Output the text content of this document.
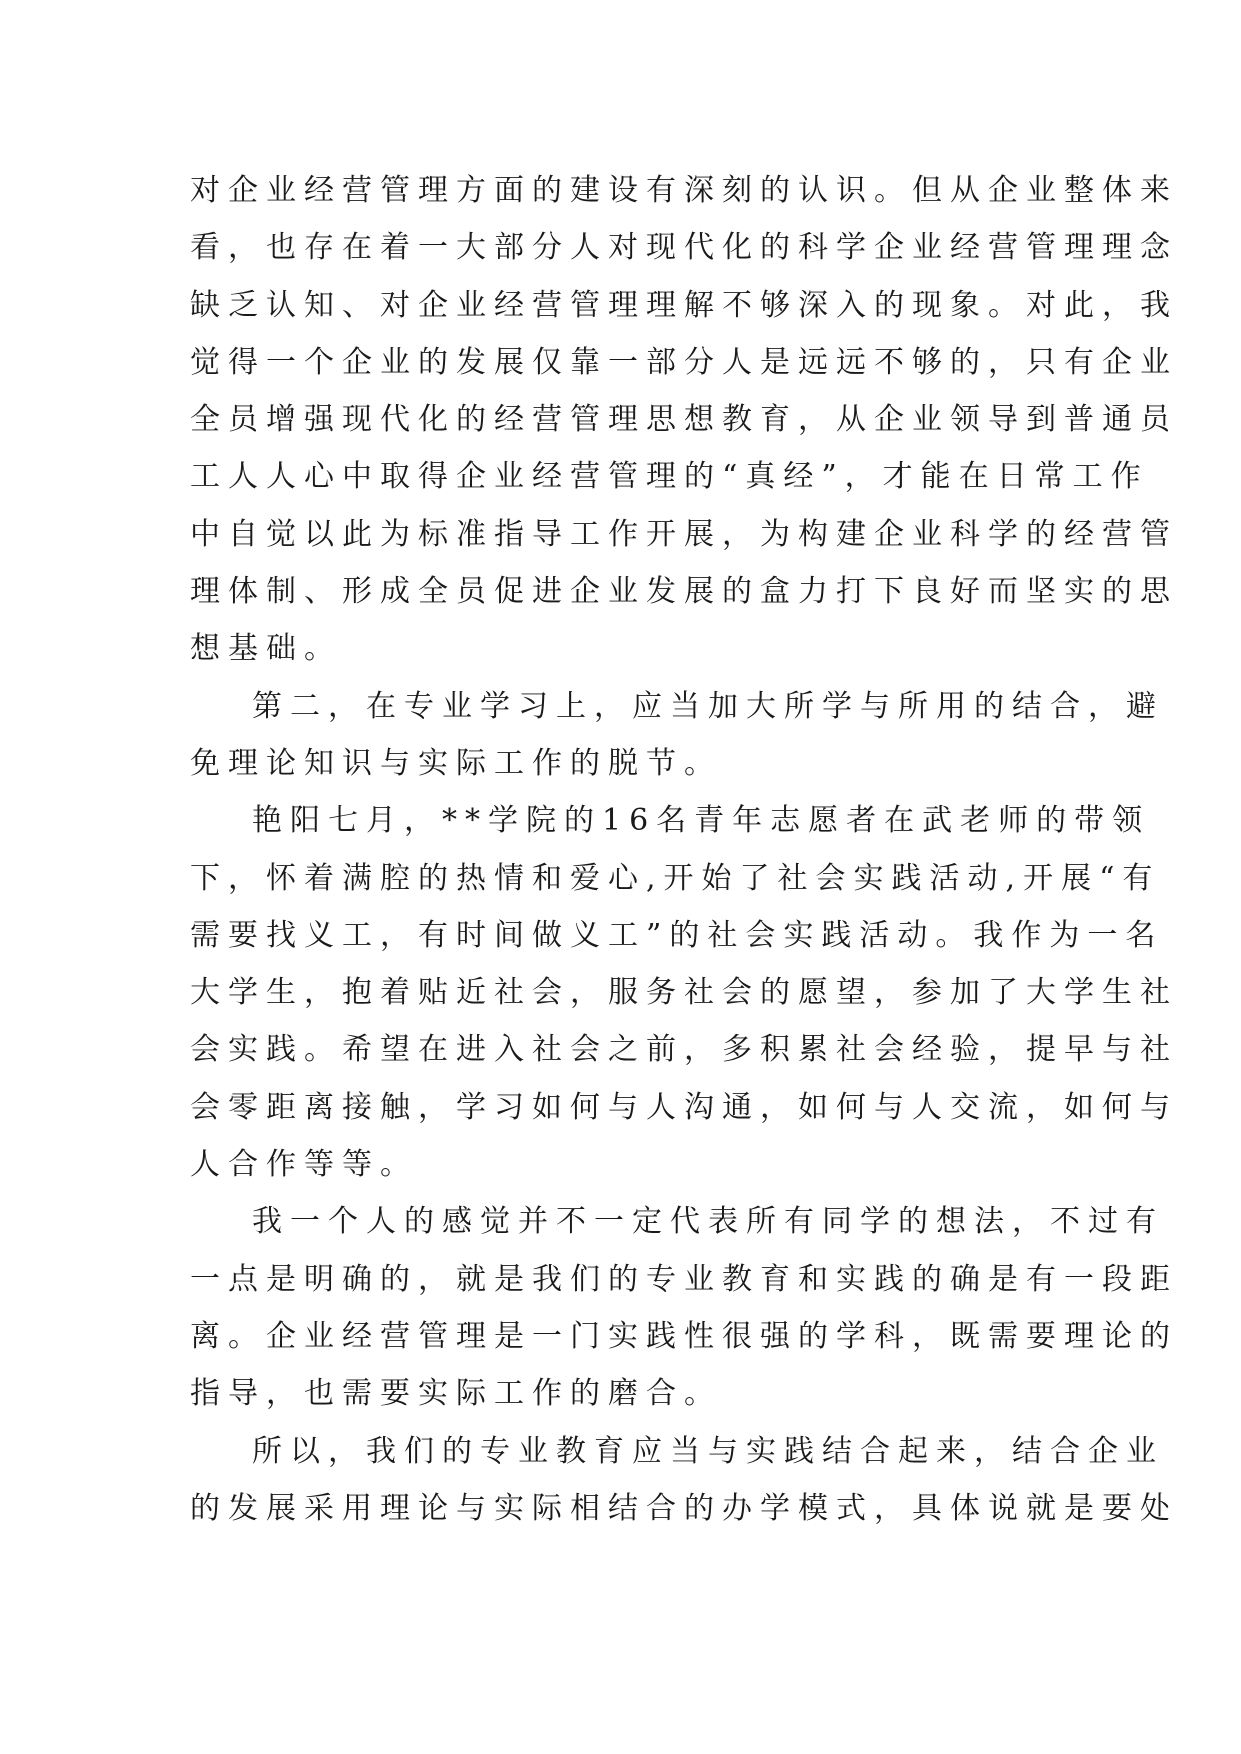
对企业经营管理方面的建设有深刻的认识。但从企业整体来
看，也存在着一大部分人对现代化的科学企业经营管理理念
缺乏认知、对企业经营管理理解不够深入的现象。对此，我
觉得一个企业的发展仅靠一部分人是远远不够的，只有企业
全员增强现代化的经营管理思想教育，从企业领导到普通员
工人人心中取得企业经营管理的“真经”，才能在日常工作
中自觉以此为标准指导工作开展，为构建企业科学的经营管
理体制、形成全员促进企业发展的盒力打下良好而坚实的思
想基础。
第二，在专业学习上，应当加大所学与所用的结合，避
免理论知识与实际工作的脱节。
艳阳七月，**学院的16名青年志愿者在武老师的带领
下，怀着满腔的热情和爱心,开始了社会实践活动,开展“有
需要找义工，有时间做义工”的社会实践活动。我作为一名
大学生，抱着贴近社会，服务社会的愿望，参加了大学生社
会实践。希望在进入社会之前，多积累社会经验，提早与社
会零距离接触，学习如何与人沟通，如何与人交流，如何与
人合作等等。
我一个人的感觉并不一定代表所有同学的想法，不过有
一点是明确的，就是我们的专业教育和实践的确是有一段距
离。企业经营管理是一门实践性很强的学科，既需要理论的
指导，也需要实际工作的磨合。
所以，我们的专业教育应当与实践结合起来，结合企业
的发展采用理论与实际相结合的办学模式，具体说就是要处
